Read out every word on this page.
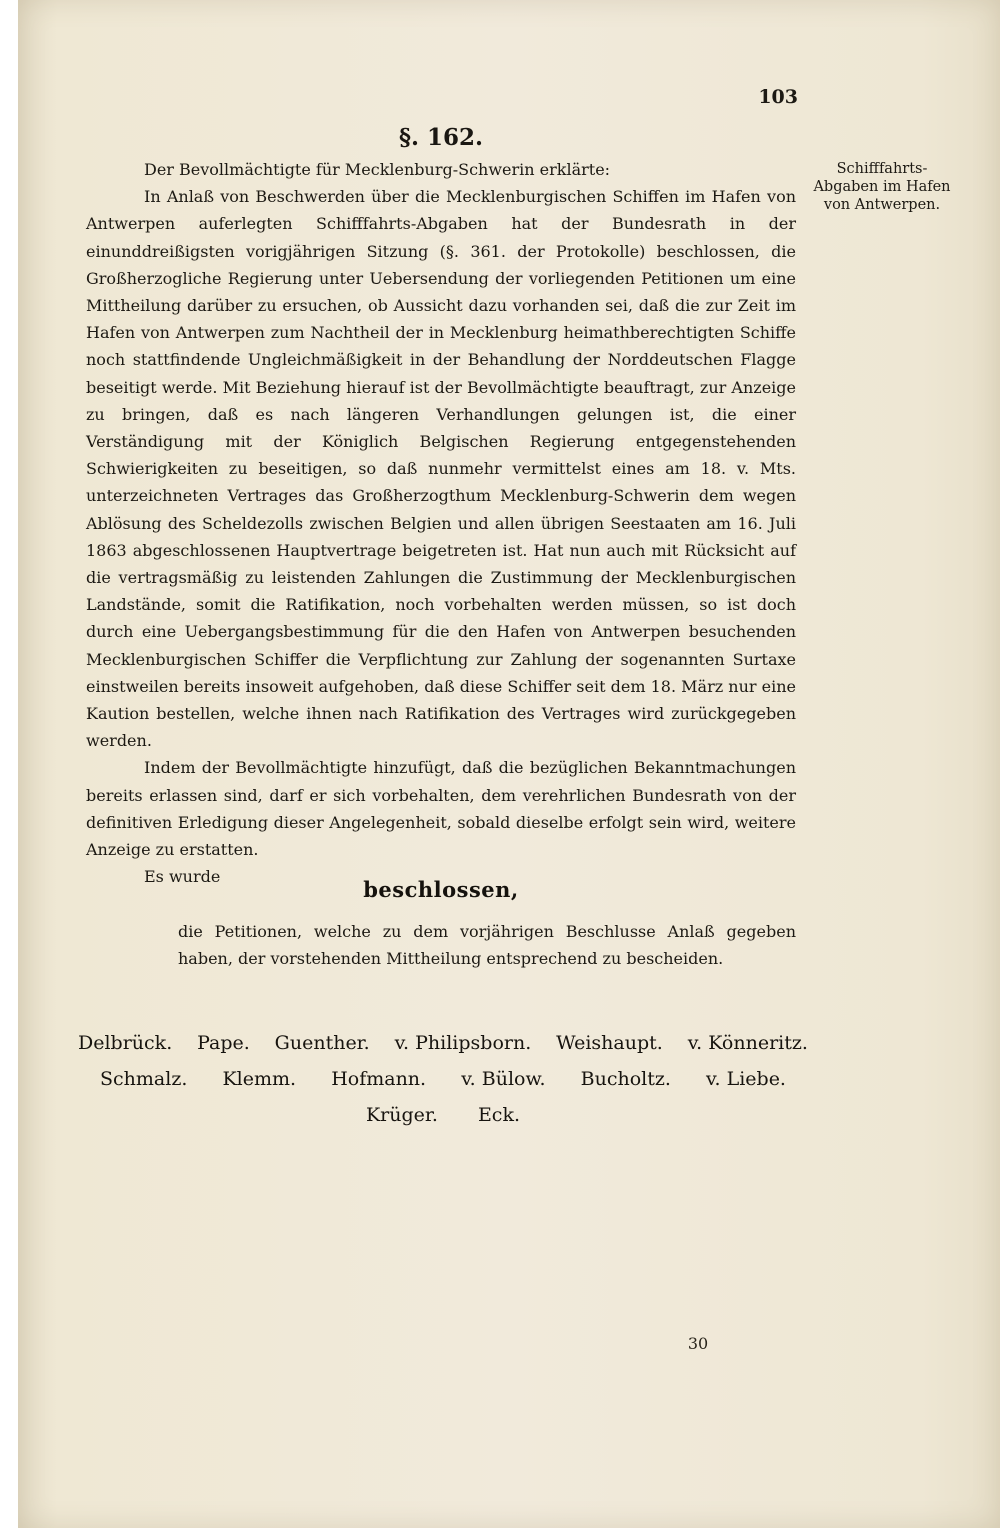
103
§. 162.
Schifffahrts-
Abgaben im Hafen
von Antwerpen.

Der Bevollmächtigte für Mecklenburg-Schwerin erklärte:

In Anlaß von Beschwerden über die Mecklenburgischen Schiffen im Hafen von Antwerpen auferlegten Schifffahrts-Abgaben hat der Bundesrath in der einunddreißigsten vorigjährigen Sitzung (§. 361. der Protokolle) beschlossen, die Großherzogliche Regierung unter Uebersendung der vorliegenden Petitionen um eine Mittheilung darüber zu ersuchen, ob Aussicht dazu vorhanden sei, daß die zur Zeit im Hafen von Antwerpen zum Nachtheil der in Mecklenburg heimathberechtigten Schiffe noch stattfindende Ungleichmäßigkeit in der Behandlung der Norddeutschen Flagge beseitigt werde. Mit Beziehung hierauf ist der Bevollmächtigte beauftragt, zur Anzeige zu bringen, daß es nach längeren Verhandlungen gelungen ist, die einer Verständigung mit der Königlich Belgischen Regierung entgegenstehenden Schwierigkeiten zu beseitigen, so daß nunmehr vermittelst eines am 18. v. Mts. unterzeichneten Vertrages das Großherzogthum Mecklenburg-Schwerin dem wegen Ablösung des Scheldezolls zwischen Belgien und allen übrigen Seestaaten am 16. Juli 1863 abgeschlossenen Hauptvertrage beigetreten ist. Hat nun auch mit Rücksicht auf die vertragsmäßig zu leistenden Zahlungen die Zustimmung der Mecklenburgischen Landstände, somit die Ratifikation, noch vorbehalten werden müssen, so ist doch durch eine Uebergangsbestimmung für die den Hafen von Antwerpen besuchenden Mecklenburgischen Schiffer die Verpflichtung zur Zahlung der sogenannten Surtaxe einstweilen bereits insoweit aufgehoben, daß diese Schiffer seit dem 18. März nur eine Kaution bestellen, welche ihnen nach Ratifikation des Vertrages wird zurückgegeben werden.

Indem der Bevollmächtigte hinzufügt, daß die bezüglichen Bekanntmachungen bereits erlassen sind, darf er sich vorbehalten, dem verehrlichen Bundesrath von der definitiven Erledigung dieser Angelegenheit, sobald dieselbe erfolgt sein wird, weitere Anzeige zu erstatten.

Es wurde

beschlossen,
die Petitionen, welche zu dem vorjährigen Beschlusse Anlaß gegeben haben, der vorstehenden Mittheilung entsprechend zu bescheiden.
Delbrück. Pape. Guenther. v. Philipsborn. Weishaupt. v. Könneritz.
Schmalz. Klemm. Hofmann. v. Bülow. Bucholtz. v. Liebe.
Krüger. Eck.
30
